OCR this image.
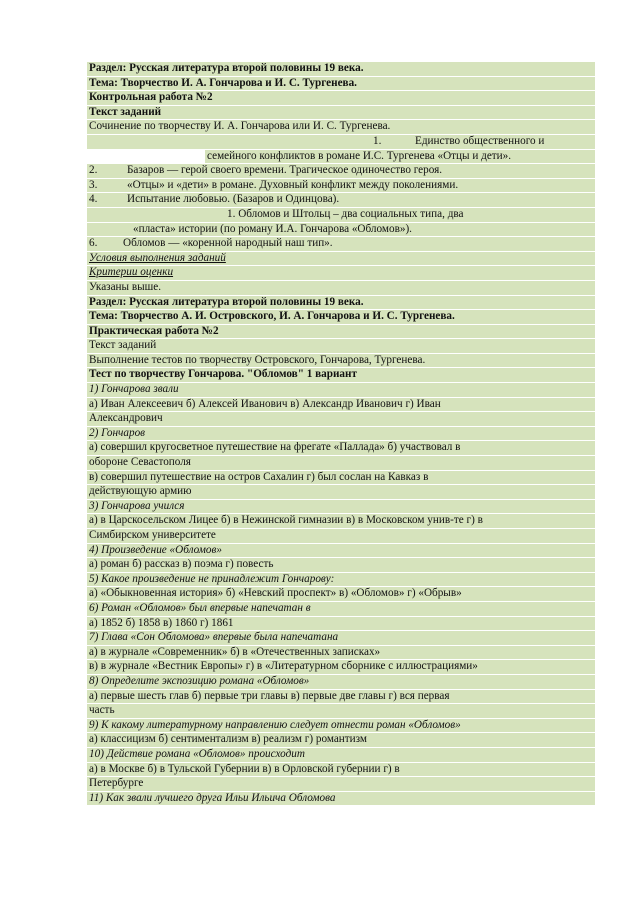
Раздел: Русская литература второй половины 19 века.
Тема: Творчество И. А. Гончарова и И. С. Тургенева.
Контрольная работа №2
Текст заданий
Сочинение по творчеству И. А. Гончарова или И. С. Тургенева.
1.	Единство общественного и
семейного конфликтов в романе И.С. Тургенева «Отцы и дети».
2.	Базаров — герой своего времени. Трагическое одиночество героя.
3.	«Отцы» и «дети» в романе. Духовный конфликт между поколениями.
4.	Испытание любовью. (Базаров и Одинцова).
1. Обломов и Штольц – два социальных типа, два
«пласта» истории (по роману И.А. Гончарова «Обломов»).
6. Обломов — «коренной народный наш тип».
Условия выполнения заданий
Критерии оценки
Указаны выше.
Раздел: Русская литература второй половины 19 века.
Тема: Творчество А. И. Островского, И. А. Гончарова и И. С. Тургенева.
Практическая работа №2
Текст заданий
Выполнение тестов по творчеству Островского, Гончарова, Тургенева.
Тест по творчеству Гончарова. "Обломов" 1 вариант
1) Гончарова звали
а) Иван Алексеевич б) Алексей Иванович в) Александр Иванович г) Иван
Александрович
2) Гончаров
а) совершил кругосветное путешествие на фрегате «Паллада» б) участвовал в
обороне Севастополя
в) совершил путешествие на остров Сахалин г) был сослан на Кавказ в
действующую армию
3) Гончарова учился
а) в Царскосельском Лицее б) в Нежинской гимназии в) в Московском унив-те г) в
Симбирском университете
4) Произведение «Обломов»
а) роман б) рассказ в) поэма г) повесть
5) Какое произведение не принадлежит Гончарову:
а) «Обыкновенная история» б) «Невский проспект» в) «Обломов» г) «Обрыв»
6) Роман «Обломов» был впервые напечатан в
а) 1852 б) 1858 в) 1860 г) 1861
7) Глава «Сон Обломова» впервые была напечатана
а) в журнале «Современник» б) в «Отечественных записках»
в) в журнале «Вестник Европы» г) в «Литературном сборнике с иллюстрациями»
8) Определите экспозицию романа «Обломов»
а) первые шесть глав б) первые три главы в) первые две главы г) вся первая
часть
9) К какому литературному направлению следует отнести роман «Обломов»
а) классицизм б) сентиментализм в) реализм г) романтизм
10) Действие романа «Обломов» происходит
а) в Москве б) в Тульской Губернии в) в Орловской губернии г) в
Петербурге
11) Как звали лучшего друга Ильи Ильича Обломова
